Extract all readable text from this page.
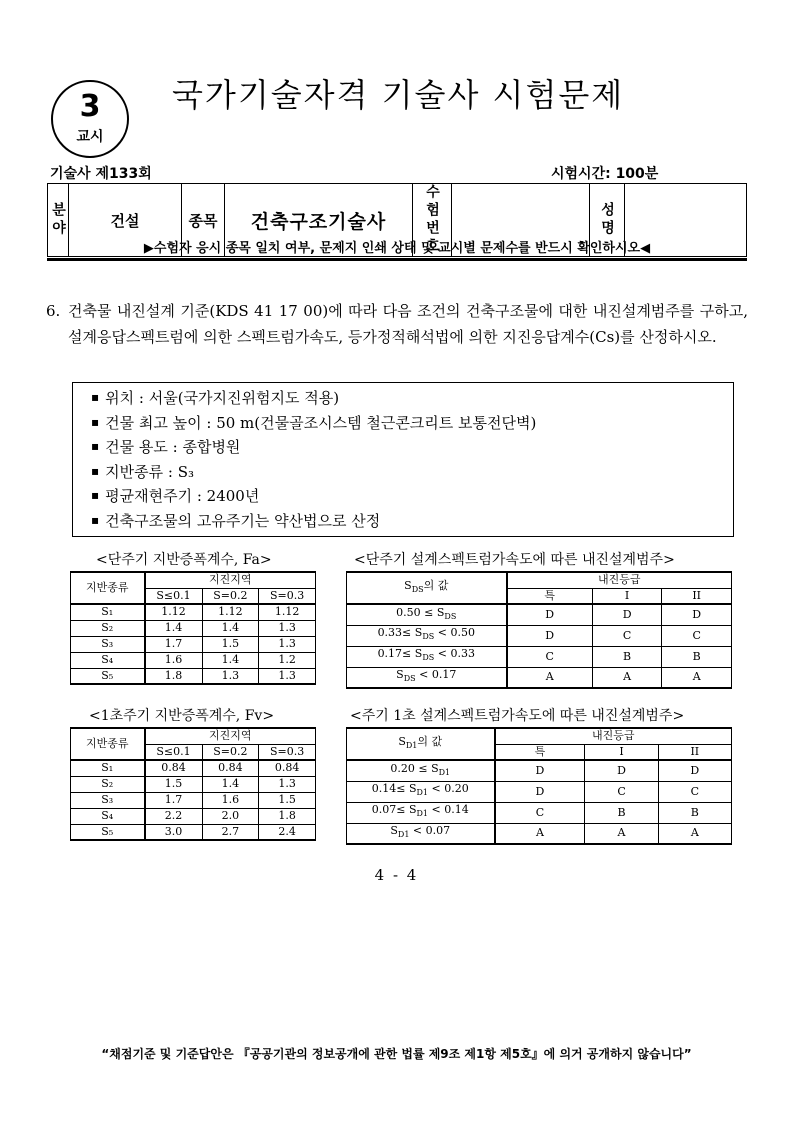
3
교시
국가기술자격 기술사 시험문제
기술사 제133회	시험시간: 100분
분야	건설	종목	건축구조기술사	수험번호		성명	
▶수험자 응시 종목 일치 여부, 문제지 인쇄 상태 및 교시별 문제수를 반드시 확인하시오◀
6. 건축물 내진설계 기준(KDS 41 17 00)에 따라 다음 조건의 건축구조물에 대한 내진설계범주를 구하고, 설계응답스펙트럼에 의한 스펙트럼가속도, 등가정적해석법에 의한 지진응답계수(Cs)를 산정하시오.
▪ 위치 : 서울(국가지진위험지도 적용)
▪ 건물 최고 높이 : 50 m(건물골조시스템 철근콘크리트 보통전단벽)
▪ 건물 용도 : 종합병원
▪ 지반종류 : S₃
▪ 평균재현주기 : 2400년
▪ 건축구조물의 고유주기는 약산법으로 산정
<단주기 지반증폭계수, Fa>
지반종류	지진지역		
	S≤0.1	S=0.2	S=0.3
S₁	1.12	1.12	1.12
S₂	1.4	1.4	1.3
S₃	1.7	1.5	1.3
S₄	1.6	1.4	1.2
S₅	1.8	1.3	1.3
<단주기 설계스펙트럼가속도에 따른 내진설계범주>
$S_{DS}$의 값	내진등급		
	특	I	II
$0.50 \le S_{DS}$	D	D	D
$0.33\le S_{DS} < 0.50$	D	C	C
$0.17\le S_{DS} < 0.33$	C	B	B
$S_{DS} < 0.17$	A	A	A
<1초주기 지반증폭계수, Fv>
지반종류	지진지역		
	S≤0.1	S=0.2	S=0.3
S₁	0.84	0.84	0.84
S₂	1.5	1.4	1.3
S₃	1.7	1.6	1.5
S₄	2.2	2.0	1.8
S₅	3.0	2.7	2.4
<주기 1초 설계스펙트럼가속도에 따른 내진설계범주>
$S_{D1}$의 값	내진등급		
	특	I	II
$0.20 \le S_{D1}$	D	D	D
$0.14\le S_{D1} < 0.20$	D	C	C
$0.07\le S_{D1} < 0.14$	C	B	B
$S_{D1} < 0.07$	A	A	A
4 - 4
“채점기준 및 기준답안은 『공공기관의 정보공개에 관한 법률 제9조 제1항 제5호』에 의거 공개하지 않습니다”
